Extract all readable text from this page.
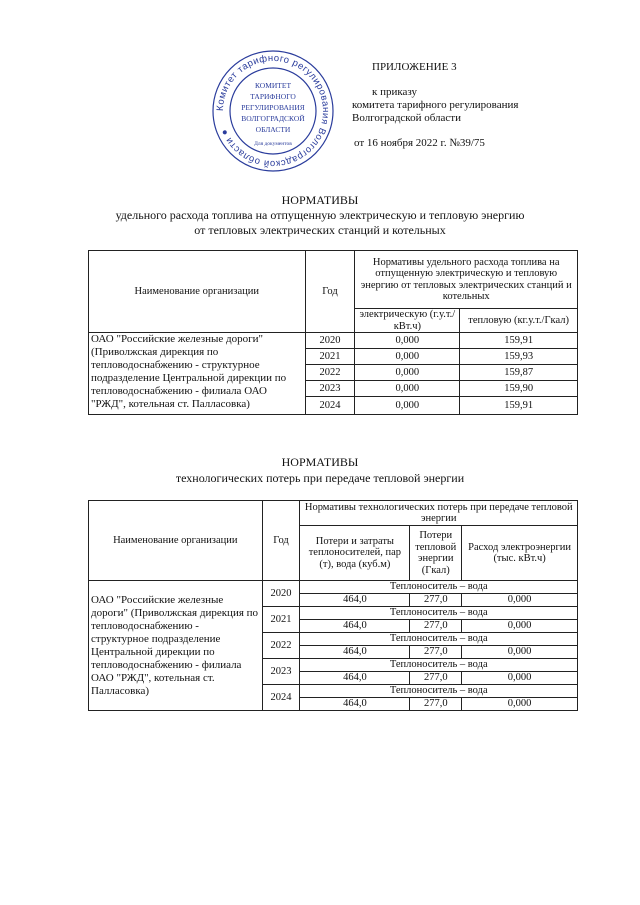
Комитет тарифного регулирования Волгоградской области ●
КОМИТЕТ
ТАРИФНОГО
РЕГУЛИРОВАНИЯ
ВОЛГОГРАДСКОЙ
ОБЛАСТИ
Для документов
ПРИЛОЖЕНИЕ 3
к приказу
комитета тарифного регулирования
Волгоградской области
от 16 ноября 2022 г. №39/75
НОРМАТИВЫ
удельного расхода топлива на отпущенную электрическую и тепловую энергию
от тепловых электрических станций и котельных
Наименование организации	Год	Нормативы удельного расхода топлива на отпущенную электрическую и тепловую энергию от тепловых электрических станций и котельных	
		электрическую (г.у.т./кВт.ч)	тепловую (кг.у.т./Гкал)
ОАО "Российские железные дороги" (Приволжская дирекция по тепловодоснабжению - структурное подразделение Центральной дирекции по тепловодоснабжению - филиала ОАО "РЖД", котельная ст. Палласовка)	2020	0,000	159,91
	2021	0,000	159,93
	2022	0,000	159,87
	2023	0,000	159,90
	2024	0,000	159,91
НОРМАТИВЫ
технологических потерь при передаче тепловой энергии
Наименование организации	Год	Нормативы технологических потерь при передаче тепловой энергии		
		Потери и затраты теплоносителей, пар (т), вода (куб.м)	Потери тепловой энергии (Гкал)	Расход электроэнергии (тыс. кВт.ч)
ОАО "Российские железные дороги" (Приволжская дирекция по тепловодоснабжению - структурное подразделение Центральной дирекции по тепловодоснабжению - филиала ОАО "РЖД", котельная ст. Палласовка)	2020	Теплоноситель – вода		
		464,0	277,0	0,000
	2021	Теплоноситель – вода		
		464,0	277,0	0,000
	2022	Теплоноситель – вода		
		464,0	277,0	0,000
	2023	Теплоноситель – вода		
		464,0	277,0	0,000
	2024	Теплоноситель – вода		
		464,0	277,0	0,000
